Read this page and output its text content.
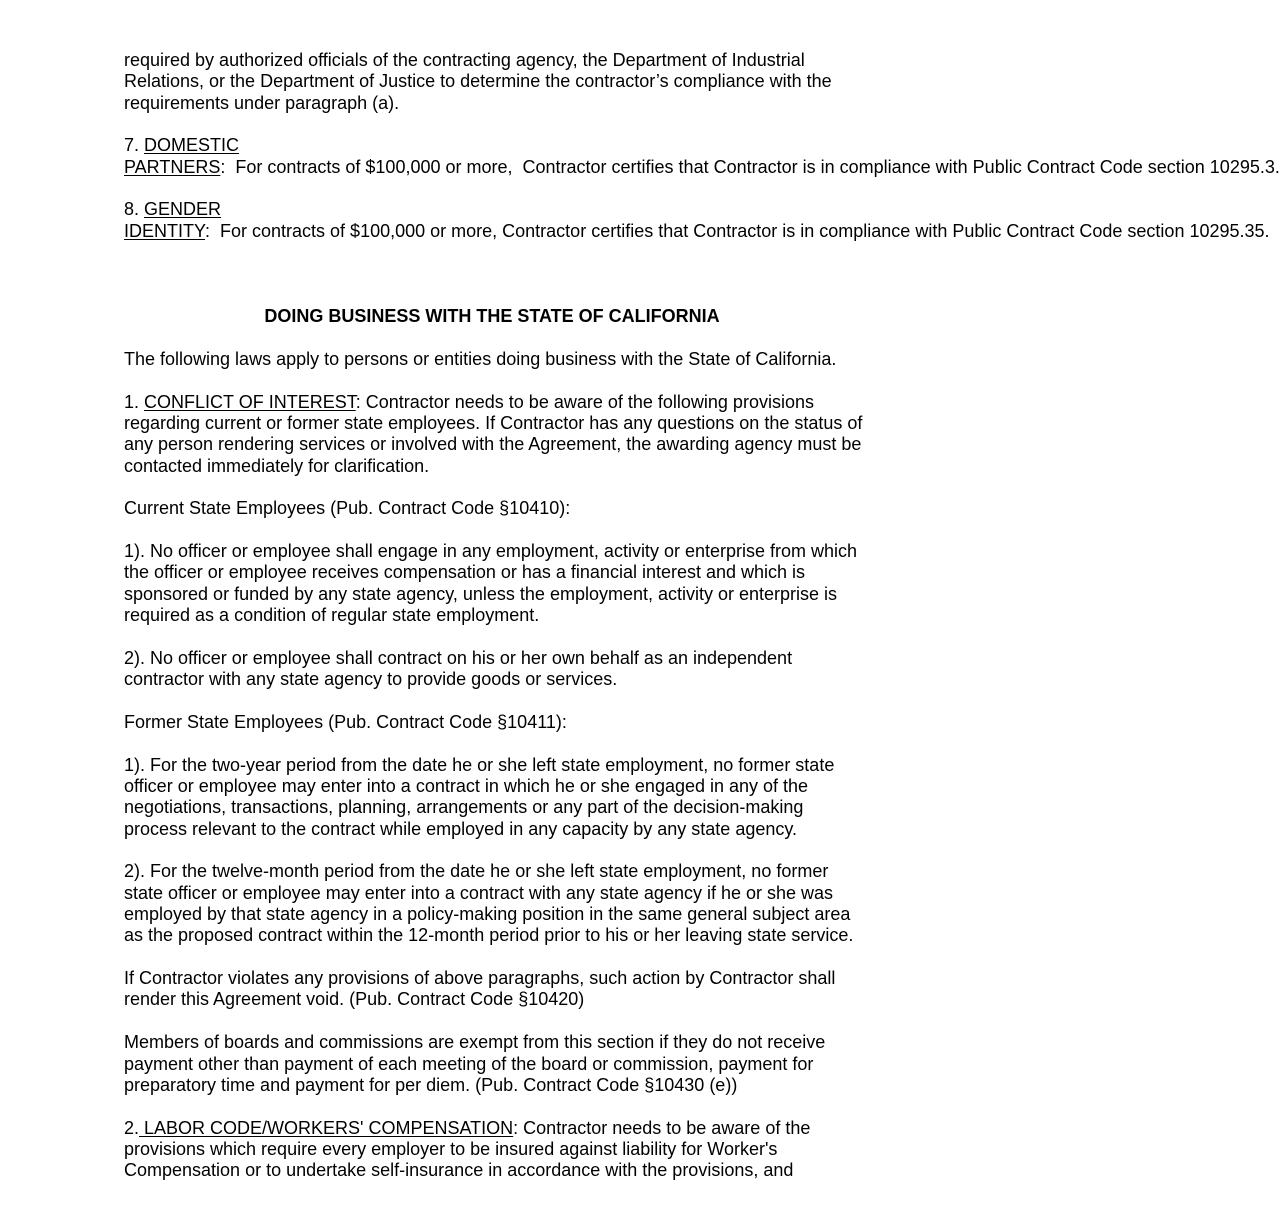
required by authorized officials of the contracting agency, the Department of Industrial Relations, or the Department of Justice to determine the contractor’s compliance with the requirements under paragraph (a).

7. DOMESTIC PARTNERS:  For contracts of $100,000 or more,  Contractor certifies that Contractor is in compliance with Public Contract Code section 10295.3.

8. GENDER IDENTITY:  For contracts of $100,000 or more, Contractor certifies that Contractor is in compliance with Public Contract Code section 10295.35.

DOING BUSINESS WITH THE STATE OF CALIFORNIA

The following laws apply to persons or entities doing business with the State of California.

1. CONFLICT OF INTEREST: Contractor needs to be aware of the following provisions regarding current or former state employees. If Contractor has any questions on the status of any person rendering services or involved with the Agreement, the awarding agency must be contacted immediately for clarification.

Current State Employees (Pub. Contract Code §10410):

1). No officer or employee shall engage in any employment, activity or enterprise from which the officer or employee receives compensation or has a financial interest and which is sponsored or funded by any state agency, unless the employment, activity or enterprise is required as a condition of regular state employment.

2). No officer or employee shall contract on his or her own behalf as an independent contractor with any state agency to provide goods or services.

Former State Employees (Pub. Contract Code §10411):

1). For the two-year period from the date he or she left state employment, no former state officer or employee may enter into a contract in which he or she engaged in any of the negotiations, transactions, planning, arrangements or any part of the decision-making process relevant to the contract while employed in any capacity by any state agency.

2). For the twelve-month period from the date he or she left state employment, no former state officer or employee may enter into a contract with any state agency if he or she was employed by that state agency in a policy-making position in the same general subject area as the proposed contract within the 12-month period prior to his or her leaving state service.

If Contractor violates any provisions of above paragraphs, such action by Contractor shall render this Agreement void. (Pub. Contract Code §10420)

Members of boards and commissions are exempt from this section if they do not receive payment other than payment of each meeting of the board or commission, payment for preparatory time and payment for per diem. (Pub. Contract Code §10430 (e))

2. LABOR CODE/WORKERS' COMPENSATION: Contractor needs to be aware of the provisions which require every employer to be insured against liability for Worker's Compensation or to undertake self-insurance in accordance with the provisions, and
